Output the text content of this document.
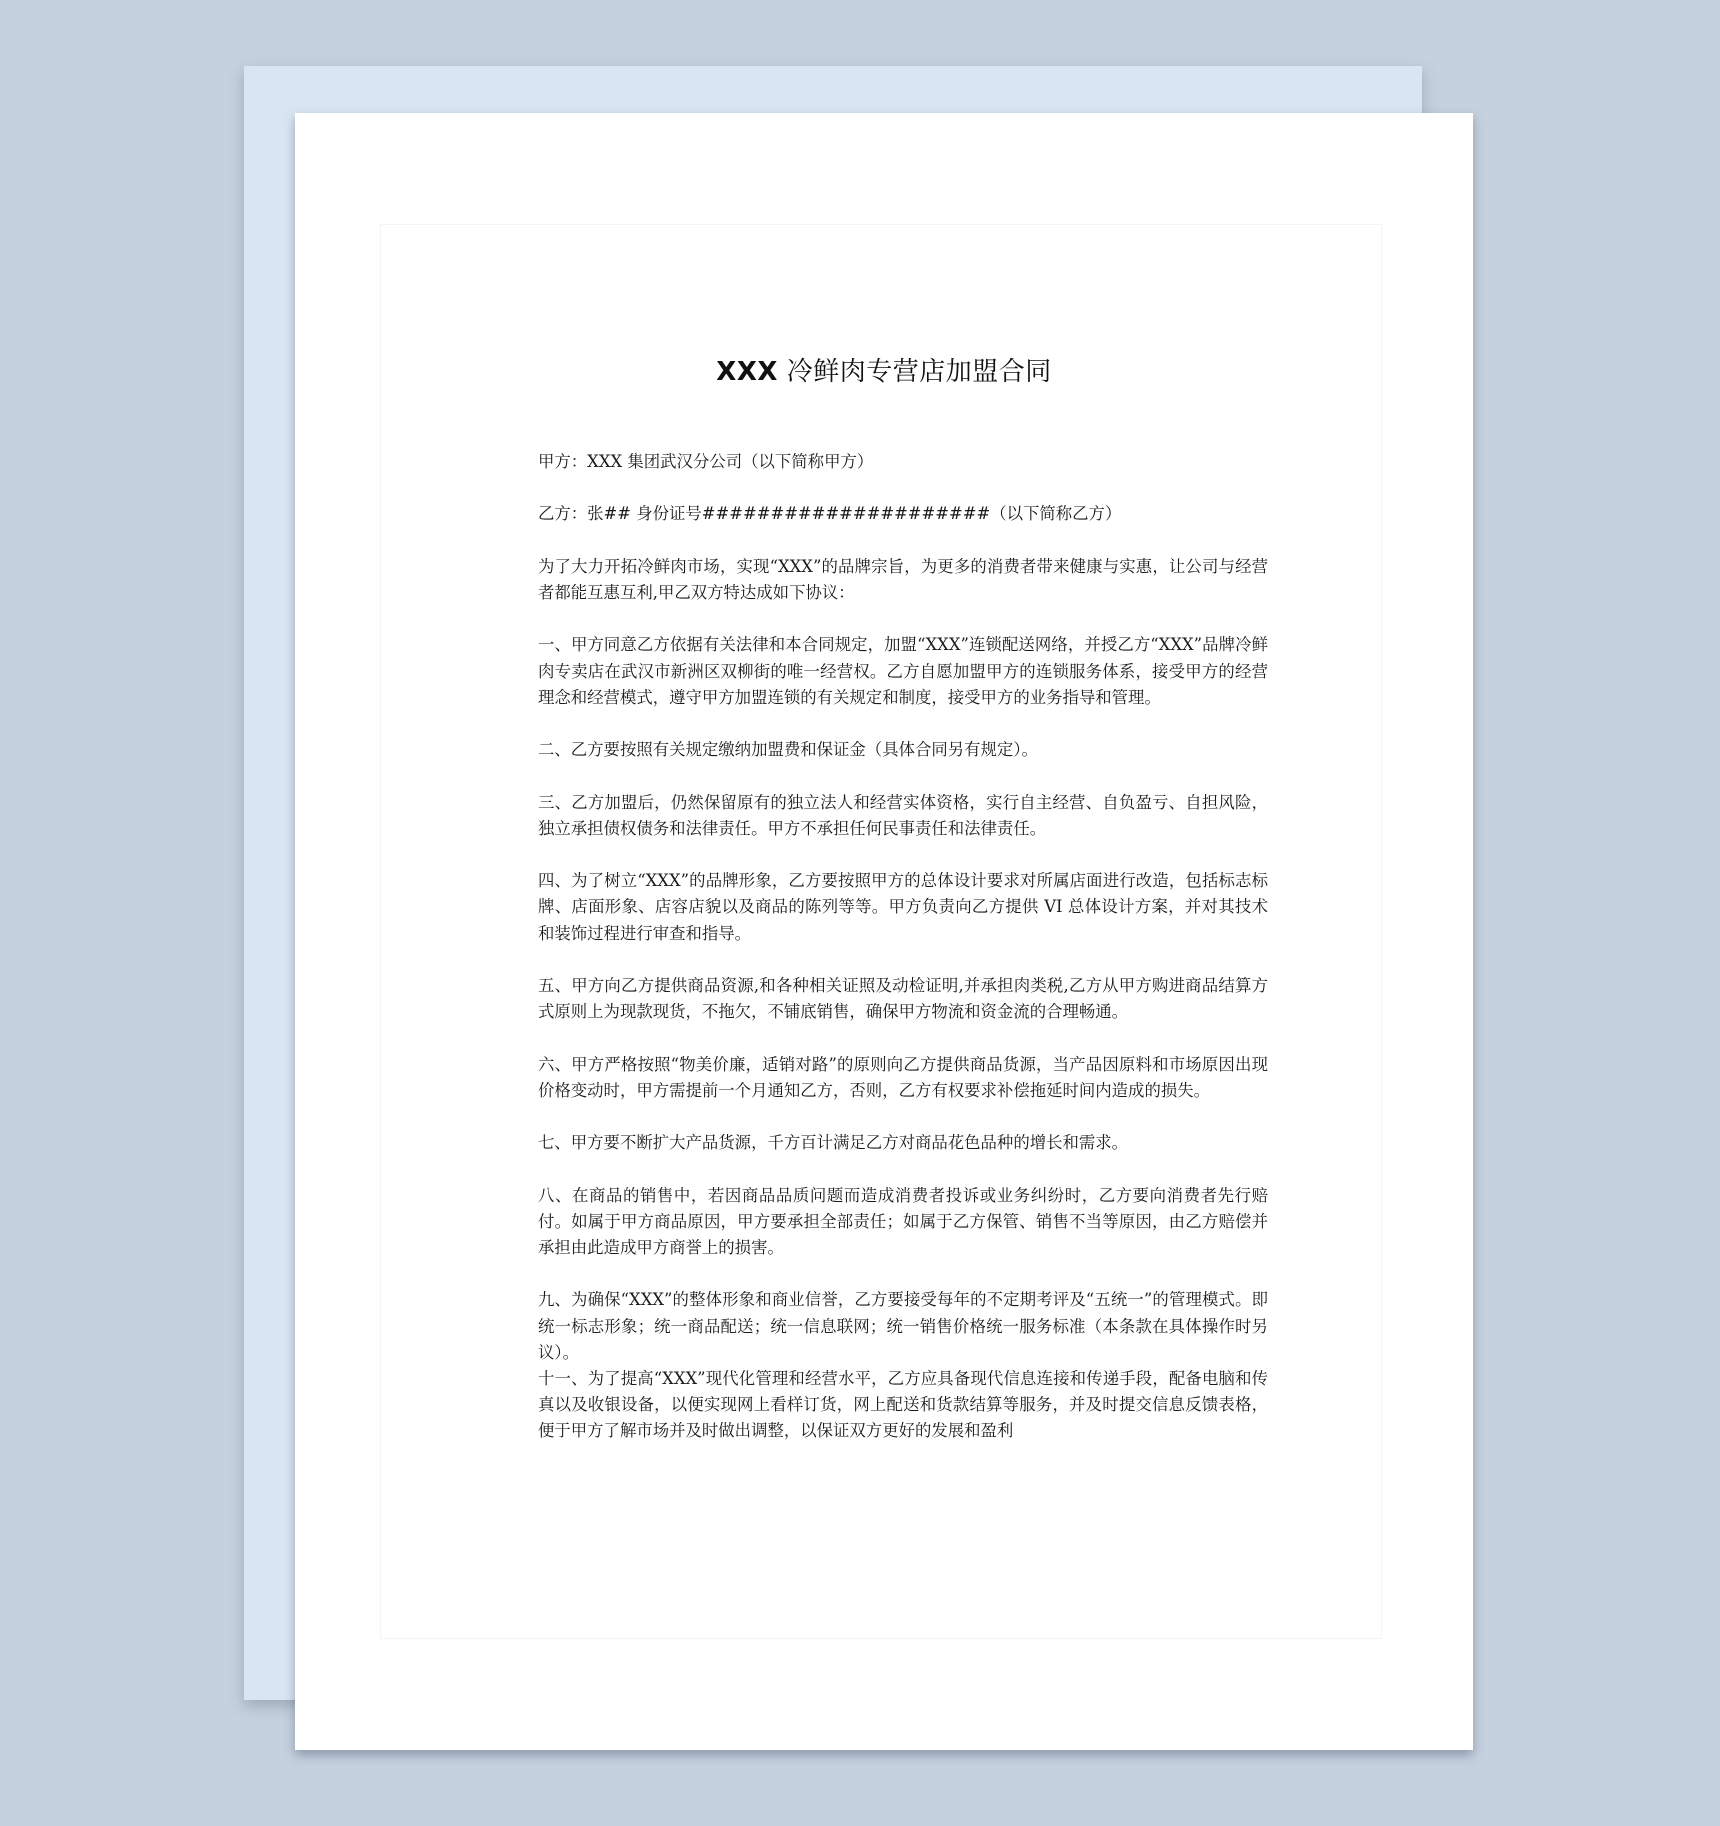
XXX 冷鲜肉专营店加盟合同

甲方：XXX 集团武汉分公司（以下简称甲方）

乙方：张## 身份证号#####################（以下简称乙方）

为了大力开拓冷鲜肉市场，实现“XXX”的品牌宗旨，为更多的消费者带来健康与实惠，让公司与经营者都能互惠互利,甲乙双方特达成如下协议：

一、甲方同意乙方依据有关法律和本合同规定，加盟“XXX”连锁配送网络，并授乙方“XXX”品牌冷鲜肉专卖店在武汉市新洲区双柳街的唯一经营权。乙方自愿加盟甲方的连锁服务体系，接受甲方的经营理念和经营模式，遵守甲方加盟连锁的有关规定和制度，接受甲方的业务指导和管理。

二、乙方要按照有关规定缴纳加盟费和保证金（具体合同另有规定）。

三、乙方加盟后，仍然保留原有的独立法人和经营实体资格，实行自主经营、自负盈亏、自担风险，独立承担债权债务和法律责任。甲方不承担任何民事责任和法律责任。

四、为了树立“XXX”的品牌形象，乙方要按照甲方的总体设计要求对所属店面进行改造，包括标志标牌、店面形象、店容店貌以及商品的陈列等等。甲方负责向乙方提供 VI 总体设计方案，并对其技术和装饰过程进行审查和指导。

五、甲方向乙方提供商品资源,和各种相关证照及动检证明,并承担肉类税,乙方从甲方购进商品结算方式原则上为现款现货，不拖欠，不铺底销售，确保甲方物流和资金流的合理畅通。

六、甲方严格按照“物美价廉，适销对路”的原则向乙方提供商品货源，当产品因原料和市场原因出现价格变动时，甲方需提前一个月通知乙方，否则，乙方有权要求补偿拖延时间内造成的损失。

七、甲方要不断扩大产品货源，千方百计满足乙方对商品花色品种的增长和需求。

八、在商品的销售中，若因商品品质问题而造成消费者投诉或业务纠纷时，乙方要向消费者先行赔付。如属于甲方商品原因，甲方要承担全部责任；如属于乙方保管、销售不当等原因，由乙方赔偿并承担由此造成甲方商誉上的损害。

九、为确保“XXX”的整体形象和商业信誉，乙方要接受每年的不定期考评及“五统一”的管理模式。即统一标志形象；统一商品配送；统一信息联网；统一销售价格统一服务标准（本条款在具体操作时另议）。

十一、为了提高“XXX”现代化管理和经营水平，乙方应具备现代信息连接和传递手段，配备电脑和传真以及收银设备，以便实现网上看样订货，网上配送和货款结算等服务，并及时提交信息反馈表格，便于甲方了解市场并及时做出调整，以保证双方更好的发展和盈利
